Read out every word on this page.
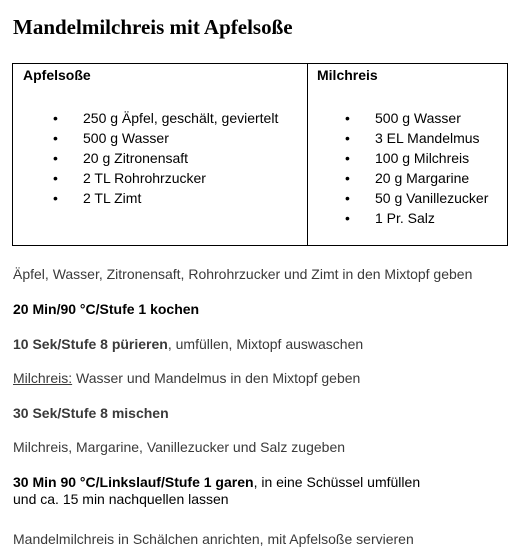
Mandelmilchreis mit Apfelsoße
Apfelsoße
• 250 g Äpfel, geschält, geviertelt
• 500 g Wasser
• 20 g Zitronensaft
• 2 TL Rohrohrzucker
• 2 TL Zimt
Milchreis
• 500 g Wasser
• 3 EL Mandelmus
• 100 g Milchreis
• 20 g Margarine
• 50 g Vanillezucker
• 1 Pr. Salz
Äpfel, Wasser, Zitronensaft, Rohrohrzucker und Zimt in den Mixtopf geben
20 Min/90 °C/Stufe 1 kochen
10 Sek/Stufe 8 pürieren, umfüllen, Mixtopf auswaschen
Milchreis: Wasser und Mandelmus in den Mixtopf geben
30 Sek/Stufe 8 mischen
Milchreis, Margarine, Vanillezucker und Salz zugeben
30 Min 90 °C/Linkslauf/Stufe 1 garen, in eine Schüssel umfüllen
und ca. 15 min nachquellen lassen
Mandelmilchreis in Schälchen anrichten, mit Apfelsoße servieren
